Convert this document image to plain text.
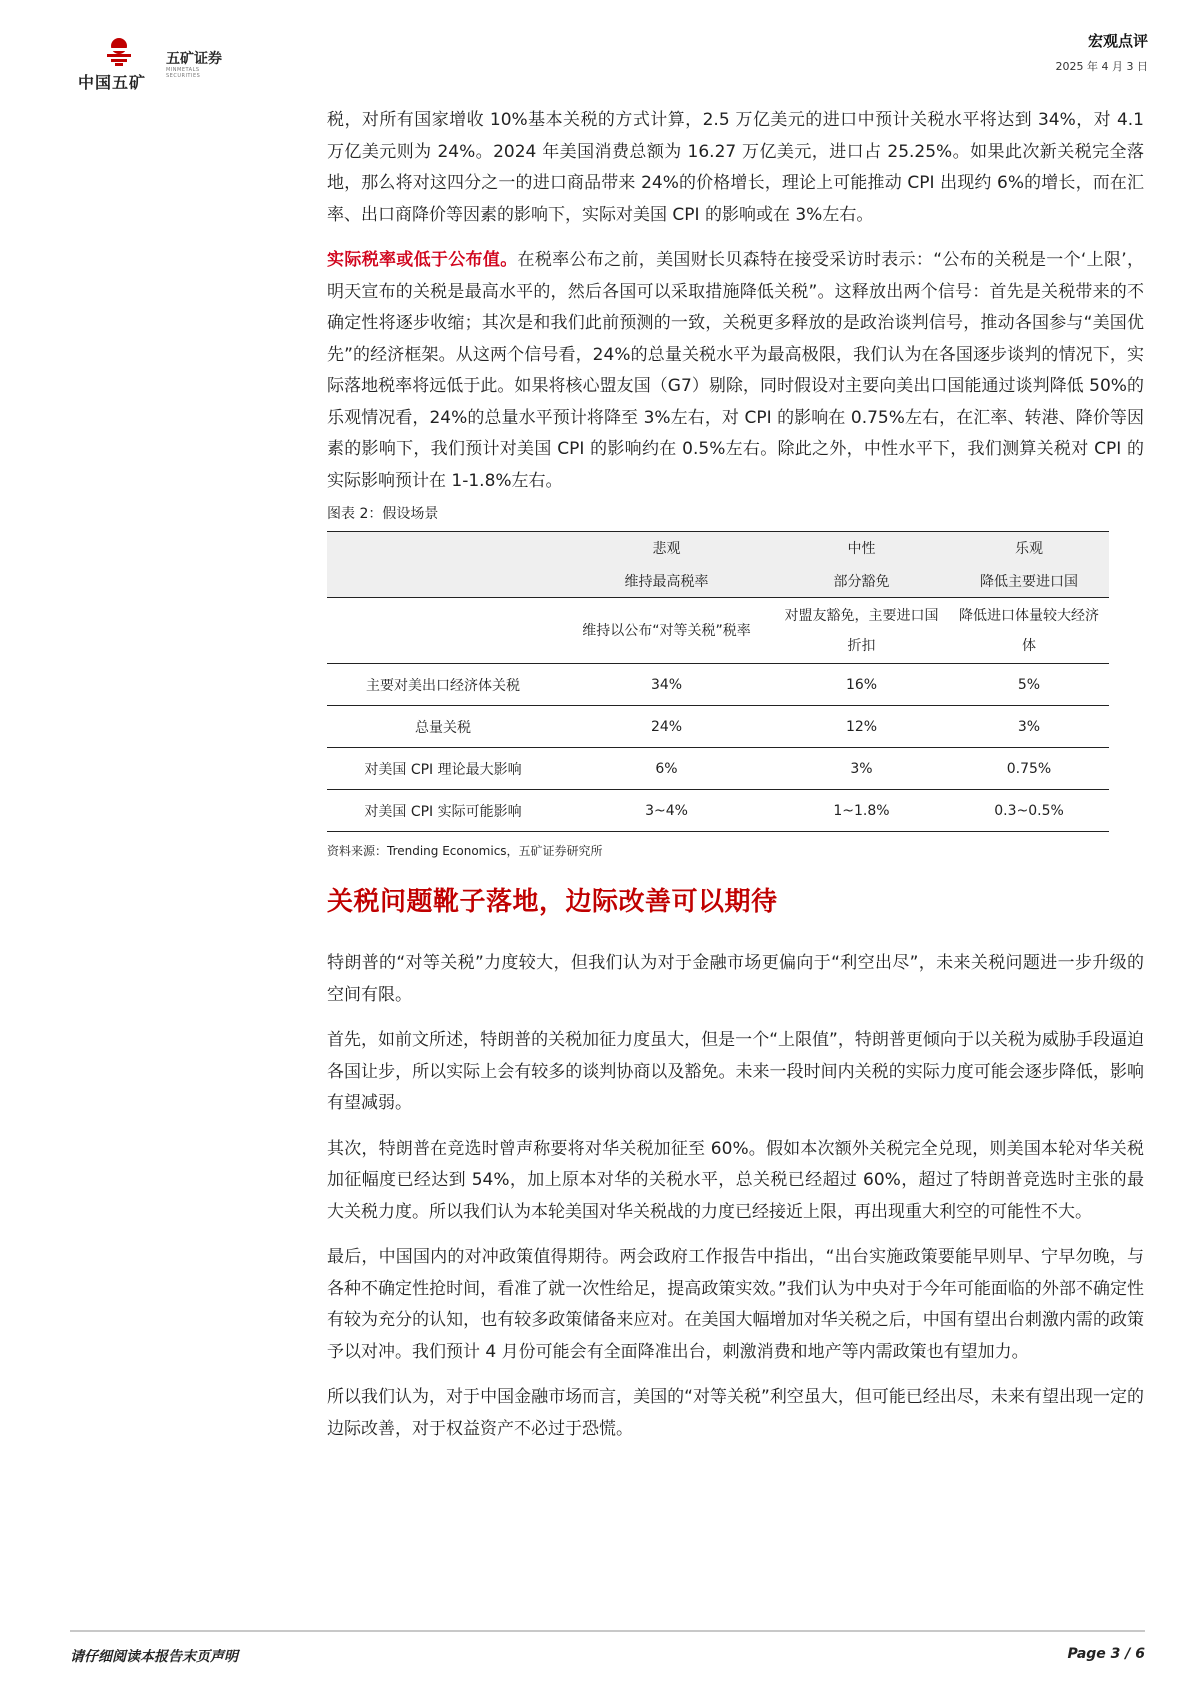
中国五矿
五矿证券
MINMETALS SECURITIES
宏观点评
2025 年 4 月 3 日

税，对所有国家增收 10%基本关税的方式计算，2.5 万亿美元的进口中预计关税水平将达到 34%，对 4.1 万亿美元则为 24%。2024 年美国消费总额为 16.27 万亿美元，进口占 25.25%。如果此次新关税完全落地，那么将对这四分之一的进口商品带来 24%的价格增长，理论上可能推动 CPI 出现约 6%的增长，而在汇率、出口商降价等因素的影响下，实际对美国 CPI 的影响或在 3%左右。

实际税率或低于公布值。在税率公布之前，美国财长贝森特在接受采访时表示：“公布的关税是一个‘上限’，明天宣布的关税是最高水平的，然后各国可以采取措施降低关税”。这释放出两个信号：首先是关税带来的不确定性将逐步收缩；其次是和我们此前预测的一致，关税更多释放的是政治谈判信号，推动各国参与“美国优先”的经济框架。从这两个信号看，24%的总量关税水平为最高极限，我们认为在各国逐步谈判的情况下，实际落地税率将远低于此。如果将核心盟友国（G7）剔除，同时假设对主要向美出口国能通过谈判降低 50%的乐观情况看，24%的总量水平预计将降至 3%左右，对 CPI 的影响在 0.75%左右，在汇率、转港、降价等因素的影响下，我们预计对美国 CPI 的影响约在 0.5%左右。除此之外，中性水平下，我们测算关税对 CPI 的实际影响预计在 1-1.8%左右。

图表 2：假设场景
	悲观	中性	乐观
	维持最高税率	部分豁免	降低主要进口国
	维持以公布“对等关税”税率	对盟友豁免，主要进口国折扣	降低进口体量较大经济体
主要对美出口经济体关税	34%	16%	5%
总量关税	24%	12%	3%
对美国 CPI 理论最大影响	6%	3%	0.75%
对美国 CPI 实际可能影响	3~4%	1~1.8%	0.3~0.5%
资料来源：Trending Economics，五矿证券研究所
关税问题靴子落地，边际改善可以期待

特朗普的“对等关税”力度较大，但我们认为对于金融市场更偏向于“利空出尽”，未来关税问题进一步升级的空间有限。

首先，如前文所述，特朗普的关税加征力度虽大，但是一个“上限值”，特朗普更倾向于以关税为威胁手段逼迫各国让步，所以实际上会有较多的谈判协商以及豁免。未来一段时间内关税的实际力度可能会逐步降低，影响有望减弱。

其次，特朗普在竞选时曾声称要将对华关税加征至 60%。假如本次额外关税完全兑现，则美国本轮对华关税加征幅度已经达到 54%，加上原本对华的关税水平，总关税已经超过 60%，超过了特朗普竞选时主张的最大关税力度。所以我们认为本轮美国对华关税战的力度已经接近上限，再出现重大利空的可能性不大。

最后，中国国内的对冲政策值得期待。两会政府工作报告中指出，“出台实施政策要能早则早、宁早勿晚，与各种不确定性抢时间，看准了就一次性给足，提高政策实效。”我们认为中央对于今年可能面临的外部不确定性有较为充分的认知，也有较多政策储备来应对。在美国大幅增加对华关税之后，中国有望出台刺激内需的政策予以对冲。我们预计 4 月份可能会有全面降准出台，刺激消费和地产等内需政策也有望加力。

所以我们认为，对于中国金融市场而言，美国的“对等关税”利空虽大，但可能已经出尽，未来有望出现一定的边际改善，对于权益资产不必过于恐慌。

请仔细阅读本报告末页声明	Page 3 / 6
